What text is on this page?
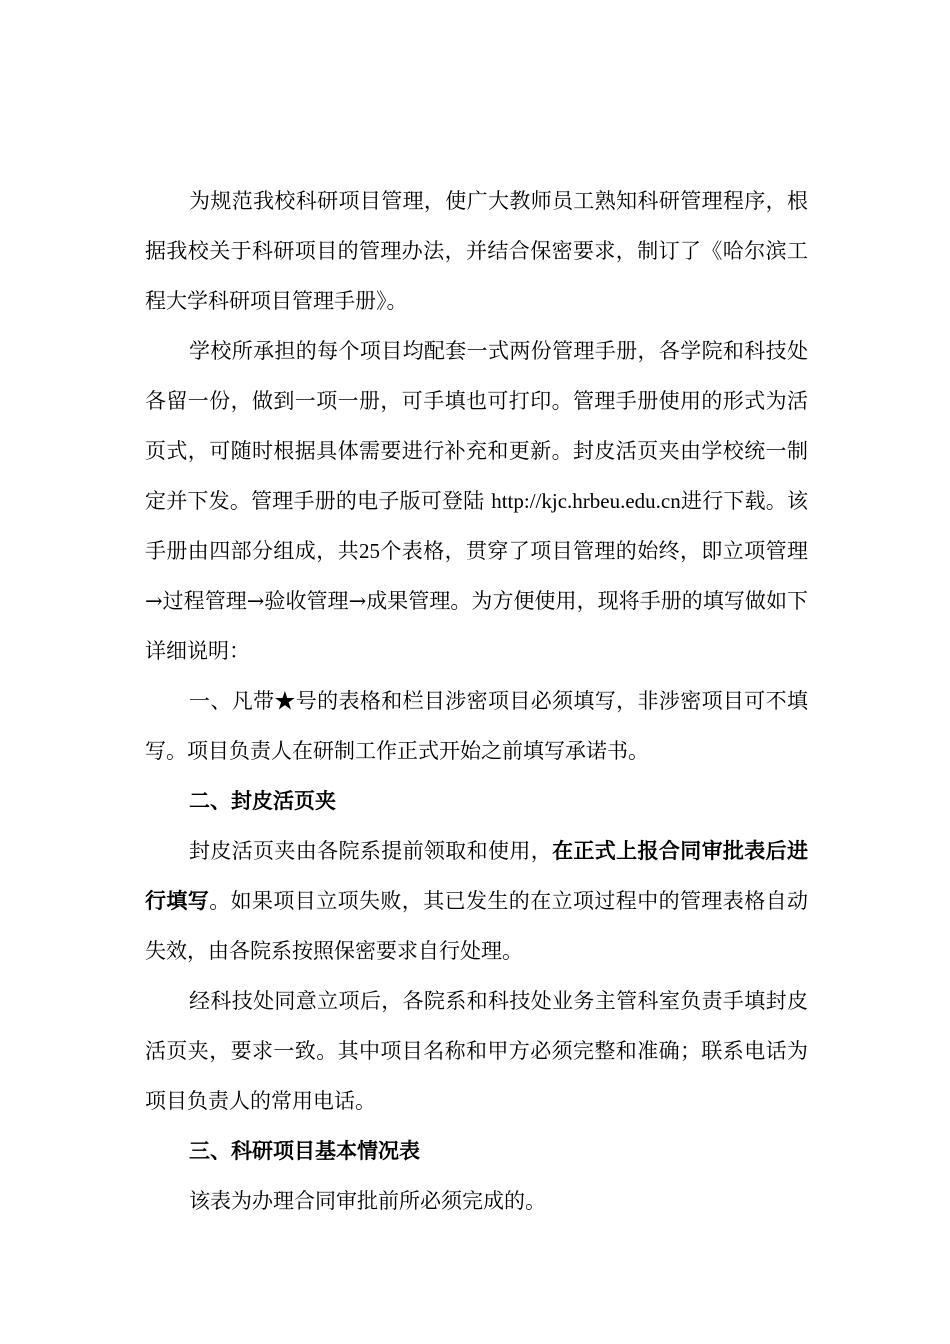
为规范我校科研项目管理，使广大教师员工熟知科研管理程序，根据我校关于科研项目的管理办法，并结合保密要求，制订了《哈尔滨工程大学科研项目管理手册》。

学校所承担的每个项目均配套一式两份管理手册，各学院和科技处各留一份，做到一项一册，可手填也可打印。管理手册使用的形式为活页式，可随时根据具体需要进行补充和更新。封皮活页夹由学校统一制定并下发。管理手册的电子版可登陆 http://kjc.hrbeu.edu.cn进行下载。该手册由四部分组成，共25个表格，贯穿了项目管理的始终，即立项管理→过程管理→验收管理→成果管理。为方便使用，现将手册的填写做如下详细说明：

一、凡带★号的表格和栏目涉密项目必须填写，非涉密项目可不填写。项目负责人在研制工作正式开始之前填写承诺书。

二、封皮活页夹

封皮活页夹由各院系提前领取和使用，在正式上报合同审批表后进行填写。如果项目立项失败，其已发生的在立项过程中的管理表格自动失效，由各院系按照保密要求自行处理。

经科技处同意立项后，各院系和科技处业务主管科室负责手填封皮活页夹，要求一致。其中项目名称和甲方必须完整和准确；联系电话为项目负责人的常用电话。

三、科研项目基本情况表

该表为办理合同审批前所必须完成的。
